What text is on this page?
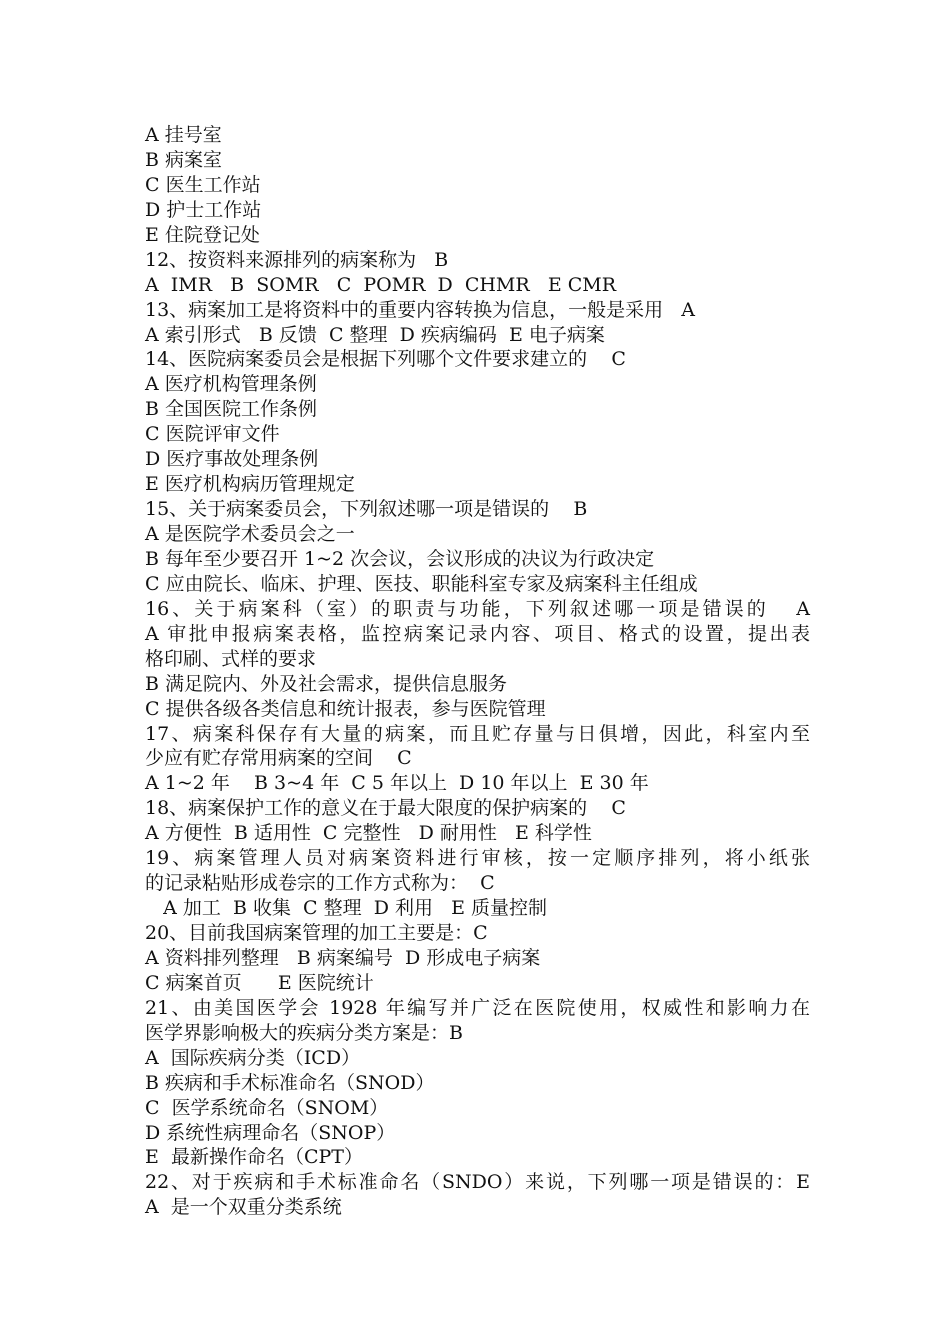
A 挂号室
B 病案室
C 医生工作站
D 护士工作站
E 住院登记处
12、按资料来源排列的病案称为   B
A  IMR   B  SOMR   C  POMR  D  CHMR   E CMR
13、病案加工是将资料中的重要内容转换为信息，一般是采用   A
A 索引形式   B 反馈  C 整理  D 疾病编码  E 电子病案
14、医院病案委员会是根据下列哪个文件要求建立的    C
A 医疗机构管理条例
B 全国医院工作条例
C 医院评审文件
D 医疗事故处理条例
E 医疗机构病历管理规定
15、关于病案委员会，下列叙述哪一项是错误的    B
A 是医院学术委员会之一
B 每年至少要召开 1~2 次会议，会议形成的决议为行政决定
C 应由院长、临床、护理、医技、职能科室专家及病案科主任组成
16、关于病案科（室）的职责与功能，下列叙述哪一项是错误的   A
A 审批申报病案表格，监控病案记录内容、项目、格式的设置，提出表
格印刷、式样的要求
B 满足院内、外及社会需求，提供信息服务
C 提供各级各类信息和统计报表，参与医院管理
17、病案科保存有大量的病案，而且贮存量与日俱增，因此，科室内至
少应有贮存常用病案的空间    C
A 1~2 年    B 3~4 年  C 5 年以上  D 10 年以上  E 30 年
18、病案保护工作的意义在于最大限度的保护病案的    C
A 方便性  B 适用性  C 完整性   D 耐用性   E 科学性
19、病案管理人员对病案资料进行审核，按一定顺序排列，将小纸张
的记录粘贴形成卷宗的工作方式称为：  C
A 加工  B 收集  C 整理  D 利用   E 质量控制
20、目前我国病案管理的加工主要是：C
A 资料排列整理   B 病案编号  D 形成电子病案
C 病案首页      E 医院统计
21、由美国医学会 1928 年编写并广泛在医院使用，权威性和影响力在
医学界影响极大的疾病分类方案是：B
A  国际疾病分类（ICD）
B 疾病和手术标准命名（SNOD）
C  医学系统命名（SNOM）
D 系统性病理命名（SNOP）
E  最新操作命名（CPT）
22、对于疾病和手术标准命名（SNDO）来说，下列哪一项是错误的：E
A  是一个双重分类系统
